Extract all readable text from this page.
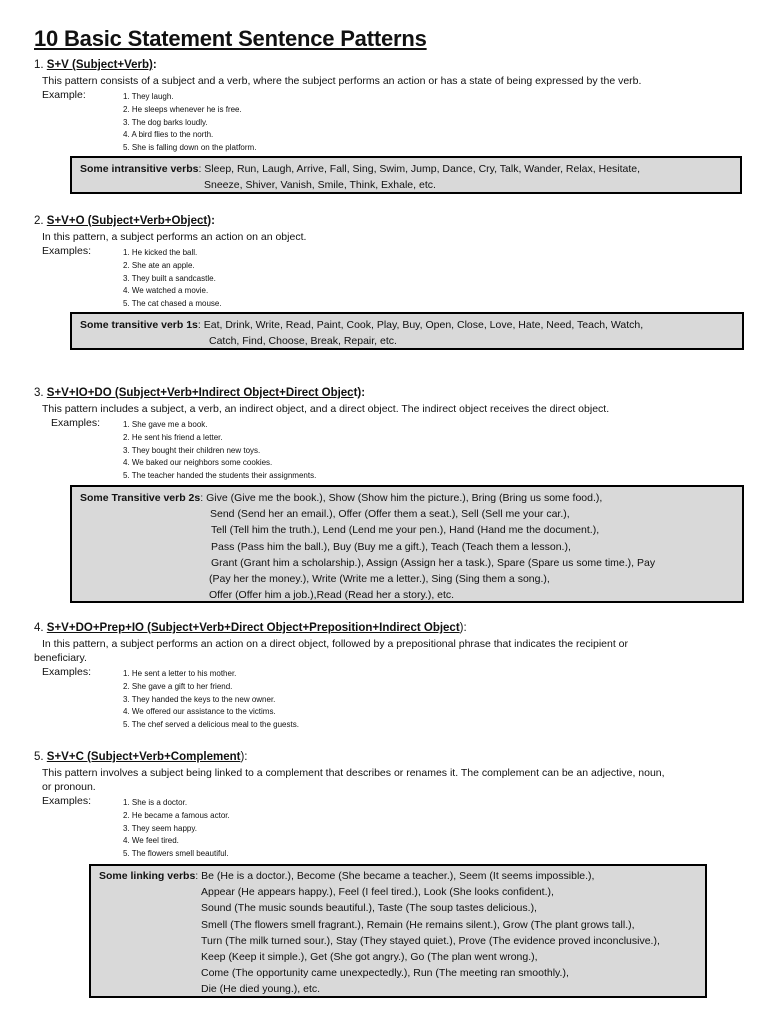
10 Basic Statement Sentence Patterns
1. S+V (Subject+Verb):
This pattern consists of a subject and a verb, where the subject performs an action or has a state of being expressed by the verb.
Example:	1. They laugh.
2. He sleeps whenever he is free.
3. The dog barks loudly.
4. A bird flies to the north.
5. She is falling down on the platform.
Some intransitive verbs: Sleep, Run, Laugh, Arrive, Fall, Sing, Swim, Jump, Dance, Cry, Talk, Wander, Relax, Hesitate,
Sneeze, Shiver, Vanish, Smile, Think, Exhale, etc.
2. S+V+O (Subject+Verb+Object):
In this pattern, a subject performs an action on an object.
Examples:	1. He kicked the ball.
2. She ate an apple.
3. They built a sandcastle.
4. We watched a movie.
5. The cat chased a mouse.
Some transitive verb 1s: Eat, Drink, Write, Read, Paint, Cook, Play, Buy, Open, Close, Love, Hate, Need, Teach, Watch,
Catch, Find, Choose, Break, Repair, etc.
3. S+V+IO+DO (Subject+Verb+Indirect Object+Direct Object):
This pattern includes a subject, a verb, an indirect object, and a direct object. The indirect object receives the direct object.
Examples:	1. She gave me a book.
2. He sent his friend a letter.
3. They bought their children new toys.
4. We baked our neighbors some cookies.
5. The teacher handed the students their assignments.
Some Transitive verb 2s: Give (Give me the book.), Show (Show him the picture.), Bring (Bring us some food.),
Send (Send her an email.), Offer (Offer them a seat.), Sell (Sell me your car.),
Tell (Tell him the truth.), Lend (Lend me your pen.), Hand (Hand me the document.),
Pass (Pass him the ball.), Buy (Buy me a gift.), Teach (Teach them a lesson.),
Grant (Grant him a scholarship.), Assign (Assign her a task.), Spare (Spare us some time.), Pay
(Pay her the money.), Write (Write me a letter.), Sing (Sing them a song.),
Offer (Offer him a job.),Read (Read her a story.), etc.
4. S+V+DO+Prep+IO (Subject+Verb+Direct Object+Preposition+Indirect Object):
In this pattern, a subject performs an action on a direct object, followed by a prepositional phrase that indicates the recipient or
beneficiary.
Examples:	1. He sent a letter to his mother.
2. She gave a gift to her friend.
3. They handed the keys to the new owner.
4. We offered our assistance to the victims.
5. The chef served a delicious meal to the guests.
5. S+V+C (Subject+Verb+Complement):
This pattern involves a subject being linked to a complement that describes or renames it. The complement can be an adjective, noun,
or pronoun.
Examples:	1. She is a doctor.
2. He became a famous actor.
3. They seem happy.
4. We feel tired.
5. The flowers smell beautiful.
Some linking verbs: Be (He is a doctor.), Become (She became a teacher.), Seem (It seems impossible.),
Appear (He appears happy.), Feel (I feel tired.), Look (She looks confident.),
Sound (The music sounds beautiful.), Taste (The soup tastes delicious.),
Smell (The flowers smell fragrant.), Remain (He remains silent.), Grow (The plant grows tall.),
Turn (The milk turned sour.), Stay (They stayed quiet.), Prove (The evidence proved inconclusive.),
Keep (Keep it simple.), Get (She got angry.), Go (The plan went wrong.),
Come (The opportunity came unexpectedly.), Run (The meeting ran smoothly.),
Die (He died young.), etc.
